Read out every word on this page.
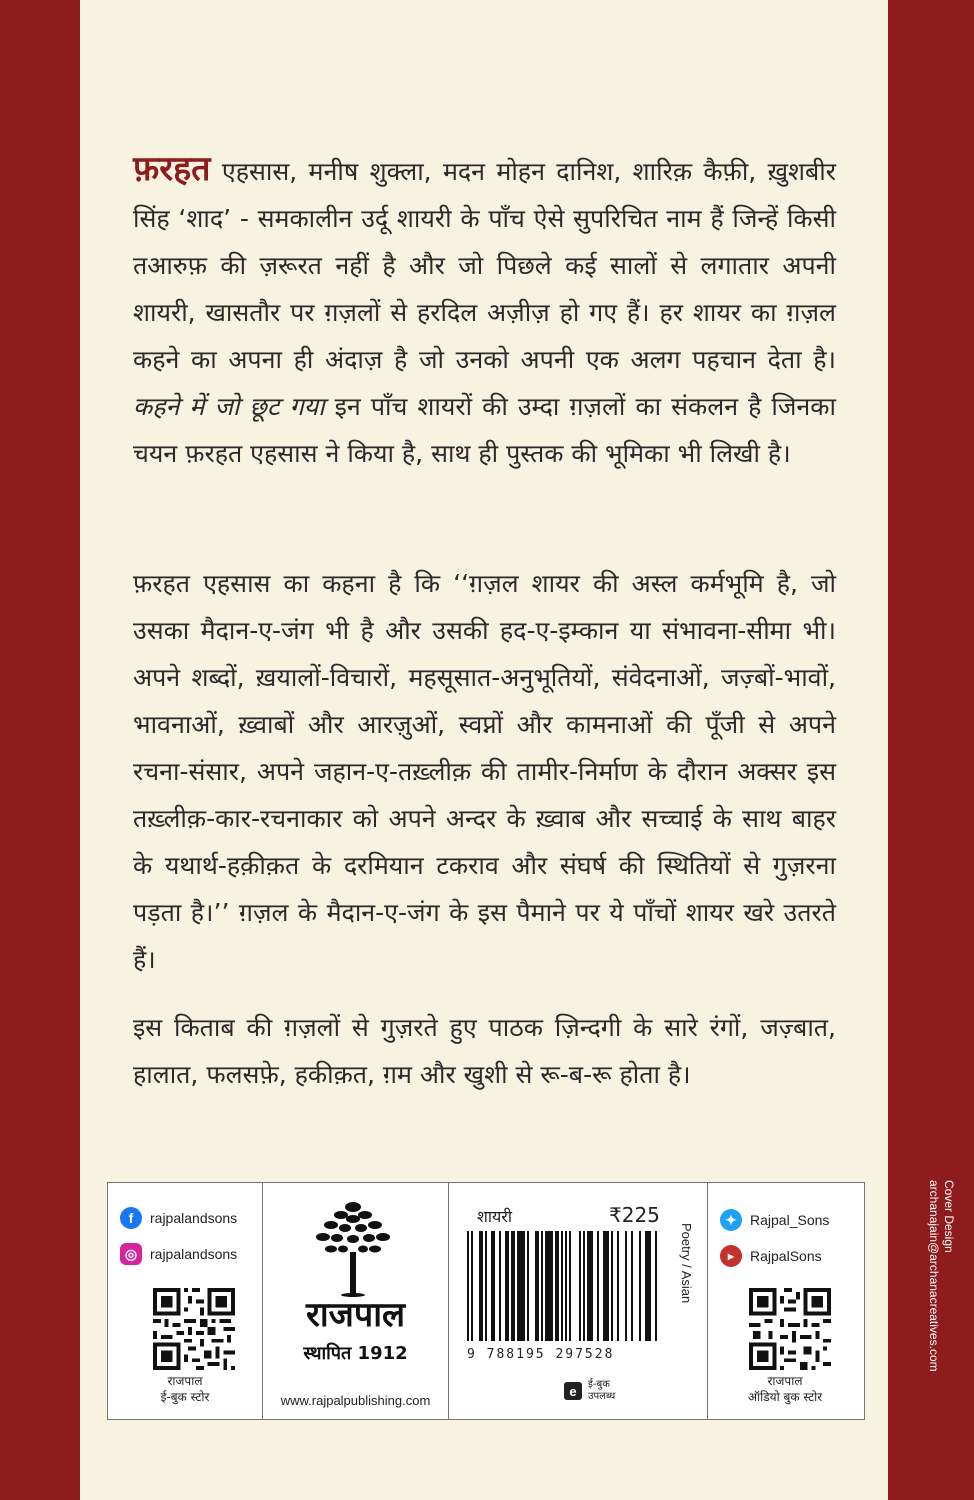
फ़रहत एहसास, मनीष शुक्ला, मदन मोहन दानिश, शारिक़ कैफ़ी, ख़ुशबीर सिंह ‘शाद’ - समकालीन उर्दू शायरी के पाँच ऐसे सुपरिचित नाम हैं जिन्हें किसी तआरुफ़ की ज़रूरत नहीं है और जो पिछले कई सालों से लगातार अपनी शायरी, खासतौर पर ग़ज़लों से हरदिल अज़ीज़ हो गए हैं। हर शायर का ग़ज़ल कहने का अपना ही अंदाज़ है जो उनको अपनी एक अलग पहचान देता है। कहने में जो छूट गया इन पाँच शायरों की उम्दा ग़ज़लों का संकलन है जिनका चयन फ़रहत एहसास ने किया है, साथ ही पुस्तक की भूमिका भी लिखी है।

फ़रहत एहसास का कहना है कि ‘‘ग़ज़ल शायर की अस्ल कर्मभूमि है, जो उसका मैदान-ए-जंग भी है और उसकी हद-ए-इम्कान या संभावना-सीमा भी। अपने शब्दों, ख़यालों-विचारों, महसूसात-अनुभूतियों, संवेदनाओं, जज़्बों-भावों, भावनाओं, ख़्वाबों और आरज़ुओं, स्वप्नों और कामनाओं की पूँजी से अपने रचना-संसार, अपने जहान-ए-तख़्लीक़ की तामीर-निर्माण के दौरान अक्सर इस तख़्लीक़-कार-रचनाकार को अपने अन्दर के ख़्वाब और सच्चाई के साथ बाहर के यथार्थ-हक़ीक़त के दरमियान टकराव और संघर्ष की स्थितियों से गुज़रना पड़ता है।’’ ग़ज़ल के मैदान-ए-जंग के इस पैमाने पर ये पाँचों शायर खरे उतरते हैं।

इस किताब की ग़ज़लों से गुज़रते हुए पाठक ज़िन्दगी के सारे रंगों, जज़्बात, हालात, फलसफ़े, हकीक़त, ग़म और खुशी से रू-ब-रू होता है।

f	rajpalandsons
◎ rajpalandsons
राजपाल
ई-बुक स्टोर
राजपाल
स्थापित 1912
www.rajpalpublishing.com
शायरी	₹225
9 788195 297528
Poetry / Asian
e	ई-बुक
उपलब्ध
✦ Rajpal_Sons
▶	RajpalSons
राजपाल
ऑडियो बुक स्टोर
Cover Design
archanajain@archanacreatives.com
